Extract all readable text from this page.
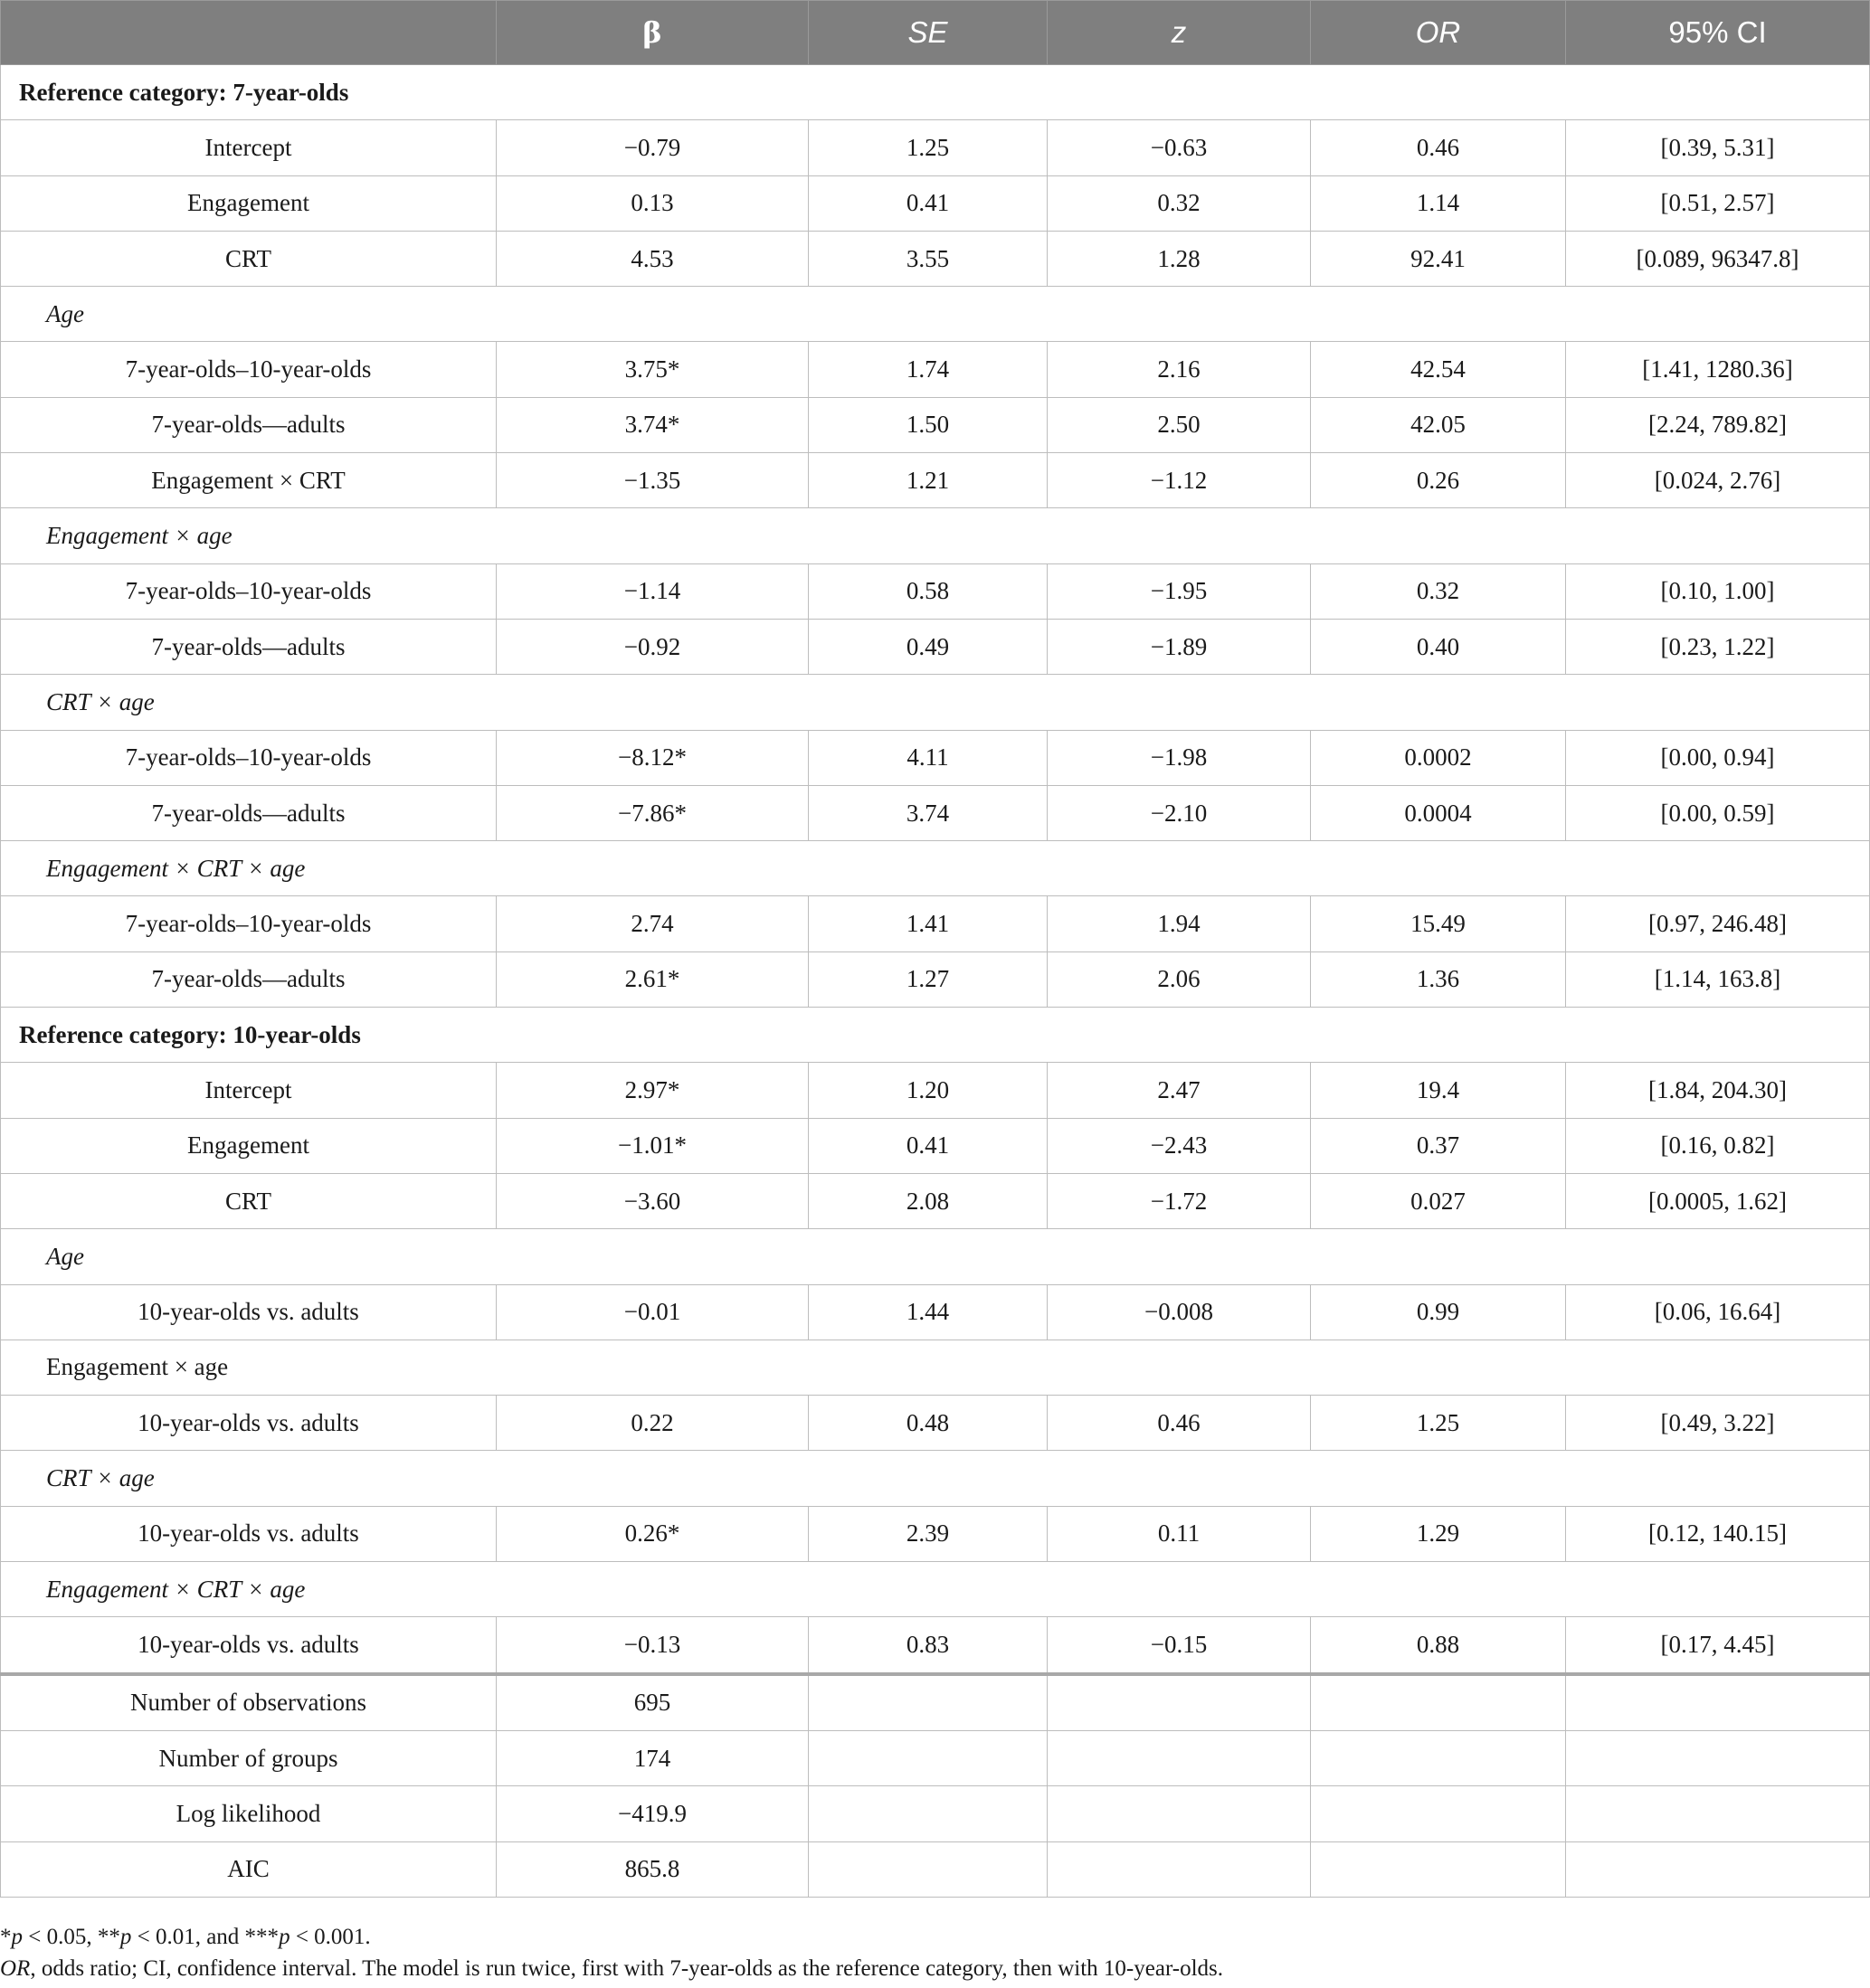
	β	SE	z	OR	95% CI
Reference category: 7-year-olds					
Intercept	−0.79	1.25	−0.63	0.46	[0.39, 5.31]
Engagement	0.13	0.41	0.32	1.14	[0.51, 2.57]
CRT	4.53	3.55	1.28	92.41	[0.089, 96347.8]
Age					
7-year-olds–10-year-olds	3.75*	1.74	2.16	42.54	[1.41, 1280.36]
7-year-olds—adults	3.74*	1.50	2.50	42.05	[2.24, 789.82]
Engagement × CRT	−1.35	1.21	−1.12	0.26	[0.024, 2.76]
Engagement × age					
7-year-olds–10-year-olds	−1.14	0.58	−1.95	0.32	[0.10, 1.00]
7-year-olds—adults	−0.92	0.49	−1.89	0.40	[0.23, 1.22]
CRT × age					
7-year-olds–10-year-olds	−8.12*	4.11	−1.98	0.0002	[0.00, 0.94]
7-year-olds—adults	−7.86*	3.74	−2.10	0.0004	[0.00, 0.59]
Engagement × CRT × age					
7-year-olds–10-year-olds	2.74	1.41	1.94	15.49	[0.97, 246.48]
7-year-olds—adults	2.61*	1.27	2.06	1.36	[1.14, 163.8]
Reference category: 10-year-olds					
Intercept	2.97*	1.20	2.47	19.4	[1.84, 204.30]
Engagement	−1.01*	0.41	−2.43	0.37	[0.16, 0.82]
CRT	−3.60	2.08	−1.72	0.027	[0.0005, 1.62]
Age					
10-year-olds vs. adults	−0.01	1.44	−0.008	0.99	[0.06, 16.64]
Engagement × age					
10-year-olds vs. adults	0.22	0.48	0.46	1.25	[0.49, 3.22]
CRT × age					
10-year-olds vs. adults	0.26*	2.39	0.11	1.29	[0.12, 140.15]
Engagement × CRT × age					
10-year-olds vs. adults	−0.13	0.83	−0.15	0.88	[0.17, 4.45]
Number of observations	695				
Number of groups	174				
Log likelihood	−419.9				
AIC	865.8				

*p < 0.05, **p < 0.01, and ***p < 0.001.

OR, odds ratio; CI, confidence interval. The model is run twice, first with 7-year-olds as the reference category, then with 10-year-olds.
